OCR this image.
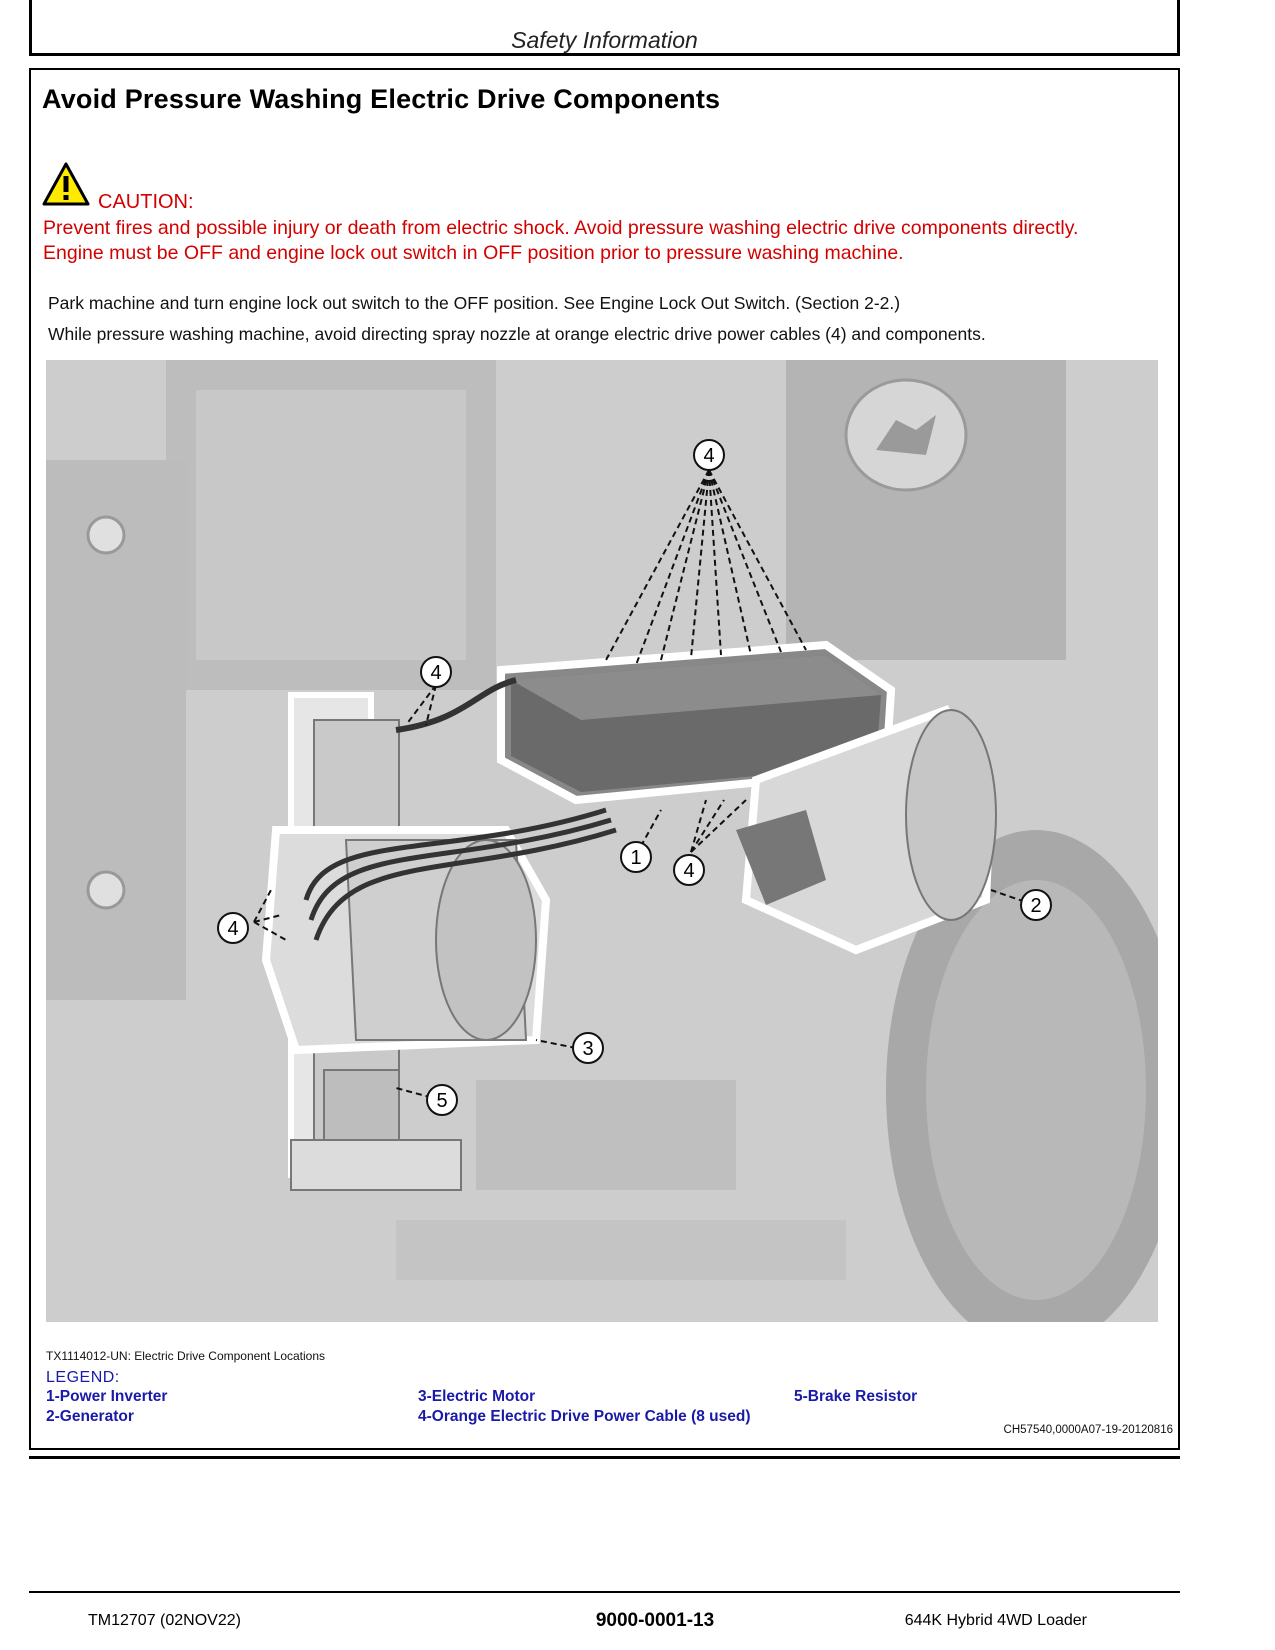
Safety Information
Avoid Pressure Washing Electric Drive Components
CAUTION:
Prevent fires and possible injury or death from electric shock. Avoid pressure washing electric drive components directly.
Engine must be OFF and engine lock out switch in OFF position prior to pressure washing machine.

Park machine and turn engine lock out switch to the OFF position. See Engine Lock Out Switch. (Section 2-2.)

While pressure washing machine, avoid directing spray nozzle at orange electric drive power cables (4) and components.

4
4
1
4
2
4
3
5
TX1114012-UN: Electric Drive Component Locations
LEGEND:
1-Power Inverter
2-Generator
3-Electric Motor
4-Orange Electric Drive Power Cable (8 used)
5-Brake Resistor
CH57540,0000A07-19-20120816
TM12707 (02NOV22)	9000-0001-13	644K Hybrid 4WD Loader
